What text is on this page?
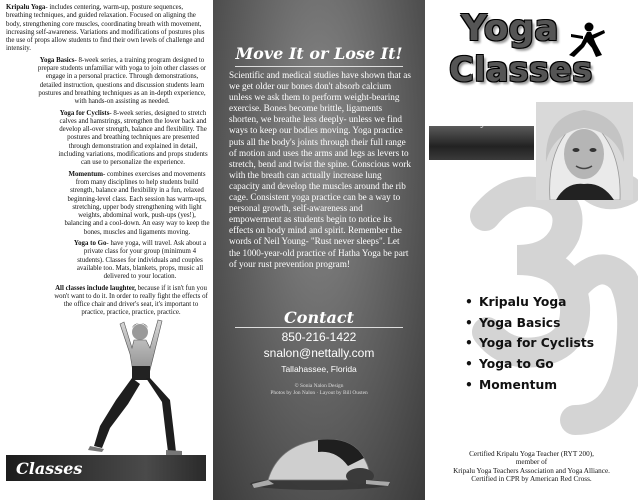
Kripalu Yoga- includes centering, warm-up, posture sequences, breathing techniques, and guided relaxation. Focused on aligning the body, strengthening core muscles, coordinating breath with movement, increasing self-awareness. Variations and modifications of postures plus the use of props allow students to find their own levels of challenge and intensity.

Yoga Basics- 8-week series, a training program designed to prepare students unfamiliar with yoga to join other classes or engage in a personal practice. Through demonstrations, detailed instruction, questions and discussion students learn postures and breathing techniques as an in-depth experience, with hands-on assisting as needed.

Yoga for Cyclists- 8-week series, designed to stretch calves and hamstrings, strengthen the lower back and develop all-over strength, balance and flexibility. The postures and breathing techniques are presented through demonstration and explained in detail, including variations, modifications and props students can use to personalize the experience.

Momentum- combines exercises and movements from many disciplines to help students build strength, balance and flexibility in a fun, relaxed beginning-level class. Each session has warm-ups, stretching, upper body strengthening with light weights, abdominal work, push-ups (yes!), balancing and a cool-down. An easy way to keep the bones, muscles and ligaments moving.

Yoga to Go- have yoga, will travel. Ask about a private class for your group (minimum 4 students). Classes for individuals and couples available too. Mats, blankets, props, music all delivered to your location.

All classes include laughter, because if it isn't fun you won't want to do it. In order to really fight the effects of the office chair and driver's seat, it's important to practice, practice, practice, practice.

Classes
Move It or Lose It!
Scientific and medical studies have shown that as we get older our bones don't absorb calcium unless we ask them to perform weight-bearing exercise. Bones become brittle, ligaments shorten, we breathe less deeply- unless we find ways to keep our bodies moving. Yoga practice puts all the body's joints through their full range of motion and uses the arms and legs as levers to stretch, bend and twist the spine. Conscious work with the breath can actually increase lung capacity and develop the muscles around the rib cage. Consistent yoga practice can be a way to personal growth, self-awareness and empowerment as students begin to notice its effects on body mind and spirit. Remember the words of Neil Young- "Rust never sleeps". Let the 1000-year-old practice of Hatha Yoga be part of your rust prevention program!
Contact
850-216-1422
snalon@nettally.com
Tallahassee, Florida
© Sonia Nalon Design
Photos by Jon Nalon · Layout by Bill Ousten
Yoga
Classes
by
Sonia Nalon
• Kripalu Yoga
• Yoga Basics
• Yoga for Cyclists
• Yoga to Go
• Momentum
Certified Kripalu Yoga Teacher (RYT 200),
member of
Kripalu Yoga Teachers Association and Yoga Alliance.
Certified in CPR by American Red Cross.
